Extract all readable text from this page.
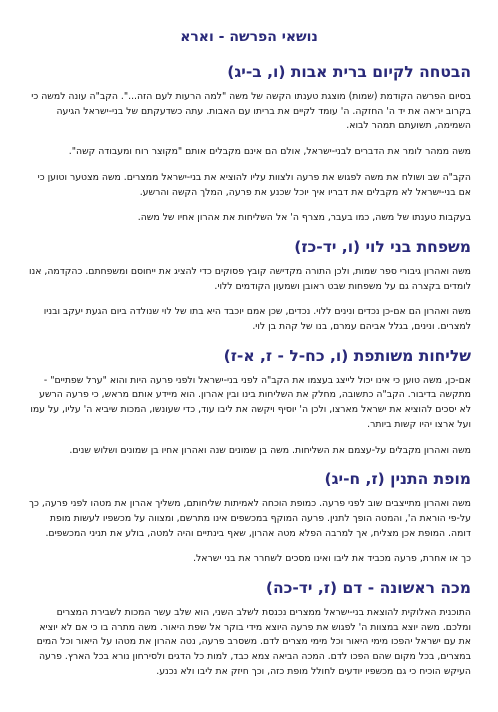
נושאי הפרשה - וארא
הבטחה לקיום ברית אבות (ו, ב-יג)

בסיום הפרשה הקודמת (שמות) מוצגת טענתו הקשה של משה "למה הרעות לעם הזה...". הקב"ה עונה למשה כי בקרוב יראה את יד ה' החזקה. ה' עומד לקיים את בריתו עם האבות. עתה כשדעקתם של בני-ישראל הגיעה השמימה, תשועתם תמהר לבוא.

משה ממהר לומר את הדברים לבני-ישראל, אולם הם אינם מקבלים אותם "מקוצר רוח ומעבודה קשה".

הקב"ה שב ושולח את משה לפגוש את פרעה ולצוות עליו להוציא את בני-ישראל ממצרים. משה מצטער וטוען כי אם בני-ישראל לא מקבלים את דבריו איך יוכל שכנע את פרעה, המלך הקשה והרשע.

בעקבות טענתו של משה, כמו בעבר, מצרף ה' אל השליחות את אהרון אחיו של משה.

משפחת בני לוי (ו, יד-כז)

משה ואהרון גיבורי ספר שמות, ולכן התורה מקדישה קובץ פסוקים כדי להציג את ייחוסם ומשפחתם. כהקדמה, אנו לומדים בקצרה גם על משפחות שבט ראובן ושמעון הקודמים ללוי.

משה ואהרון הם אם-כן נכדים ונינים ללוי. נכדים, שכן אמם יוכבד היא בתו של לוי שנולדה ביום הגעת יעקב ובניו למצרים. ונינים, בגלל אביהם עמרם, בנו של קהת בן לוי.

שליחות משותפת (ו, כח-ל - ז, א-ז)

אם-כן, משה טוען כי אינו יכול לייצג בעצמו את הקב"ה לפני בני-ישראל ולפני פרעה היות והוא "ערל שפתיים" - מתקשה בדיבור. הקב"ה כתשובה, מחלק את השליחות בינו ובין אהרון. הוא מיידע אותם מראש, כי פרעה הרשע לא יסכים להוציא את ישראל מארצו, ולכן ה' יוסיף ויקשה את ליבו עוד, כדי שעונשו, המכות שיביא ה' עליו, על עמו ועל ארצו יהיו קשות ביותר.

משה ואהרון מקבלים על-עצמם את השליחות. משה בן שמונים שנה ואהרון אחיו בן שמונים ושלוש שנים.

מופת התנין (ז, ח-יג)

משה ואהרון מתייצבים שוב לפני פרעה. כמופת הוכחה לאמיתות שליחותם, משליך אהרון את מטהו לפני פרעה, כך על-פי הוראת ה', והמטה הופך לתנין. פרעה המוקף במכשפים אינו מתרשם, ומצווה על מכשפיו לעשות מופת דומה. המופת אכן מצליח, אך למרבה הפלא מטה אהרון, שאף בינתיים והיה למטה, בולע את תניני המכשפים.

כך או אחרת, פרעה מכביד את ליבו ואינו מסכים לשחרר את בני ישראל.

מכה ראשונה - דם (ז, יד-כה)

התוכנית האלוקית להוצאת בני-ישראל ממצרים נכנסת לשלב השני, הוא שלב עשר המכות לשבירת המצרים ומלכם. משה יוצא במצוות ה' לפגוש את פרעה היוצא מידי בוקר אל שפת היאור. משה מתרה בו כי אם לא יוציא את עם ישראל יהפכו מימי היאור וכל מימי מצרים לדם. משסרב פרעה, נטה אהרון את מטהו על היאור וכל המים במצרים, בכל מקום שהם הפכו לדם. המכה הביאה צמא כבד, למות כל הדגים ולסירחון נורא בכל הארץ. פרעה העיקש הוכיח כי גם מכשפיו יודעים לחולל מופת כזה, וכך חיזק את ליבו ולא נכנע.
